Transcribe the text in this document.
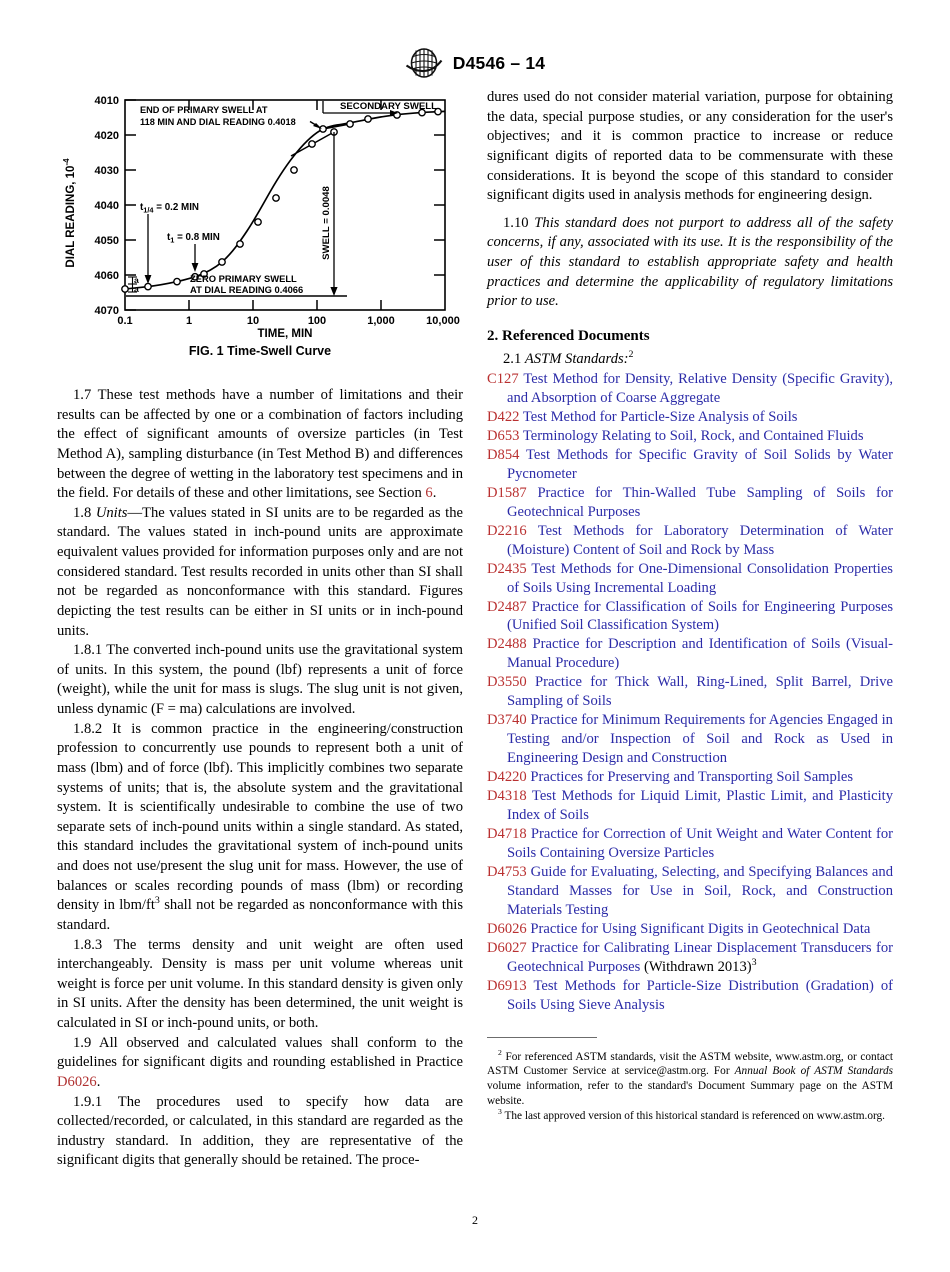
D4546 – 14
4010
4020
4030
4040
4050
4060
4070
DIAL READING, $10^{-4}$
0.1	1	10	100	1,000	10,000
END OF PRIMARY SWELL AT
118 MIN AND DIAL READING 0.4018
SECONDARY SWELL
SWELL = 0.0048
$t_{1/4} = 0.2$ MIN
$t_1 = 0.8$ MIN
a
a
ZERO PRIMARY SWELL
AT DIAL READING 0.4066
TIME, MIN
FIG. 1 Time-Swell Curve

1.7 These test methods have a number of limitations and their results can be affected by one or a combination of factors including the effect of significant amounts of oversize particles (in Test Method A), sampling disturbance (in Test Method B) and differences between the degree of wetting in the laboratory test specimens and in the field. For details of these and other limitations, see Section 6.

1.8 Units—The values stated in SI units are to be regarded as the standard. The values stated in inch-pound units are approximate equivalent values provided for information purposes only and are not considered standard. Test results recorded in units other than SI shall not be regarded as nonconformance with this standard. Figures depicting the test results can be either in SI units or in inch-pound units.

1.8.1 The converted inch-pound units use the gravitational system of units. In this system, the pound (lbf) represents a unit of force (weight), while the unit for mass is slugs. The slug unit is not given, unless dynamic (F = ma) calculations are involved.

1.8.2 It is common practice in the engineering/construction profession to concurrently use pounds to represent both a unit of mass (lbm) and of force (lbf). This implicitly combines two separate systems of units; that is, the absolute system and the gravitational system. It is scientifically undesirable to combine the use of two separate sets of inch-pound units within a single standard. As stated, this standard includes the gravitational system of inch-pound units and does not use/present the slug unit for mass. However, the use of balances or scales recording pounds of mass (lbm) or recording density in lbm/$ft^3$ shall not be regarded as nonconformance with this standard.

1.8.3 The terms density and unit weight are often used interchangeably. Density is mass per unit volume whereas unit weight is force per unit volume. In this standard density is given only in SI units. After the density has been determined, the unit weight is calculated in SI or inch-pound units, or both.

1.9 All observed and calculated values shall conform to the guidelines for significant digits and rounding established in Practice D6026.

1.9.1 The procedures used to specify how data are collected/recorded, or calculated, in this standard are regarded as the industry standard. In addition, they are representative of the significant digits that generally should be retained. The proce-

dures used do not consider material variation, purpose for obtaining the data, special purpose studies, or any consideration for the user's objectives; and it is common practice to increase or reduce significant digits of reported data to be commensurate with these considerations. It is beyond the scope of this standard to consider significant digits used in analysis methods for engineering design.

1.10 This standard does not purport to address all of the safety concerns, if any, associated with its use. It is the responsibility of the user of this standard to establish appropriate safety and health practices and determine the applicability of regulatory limitations prior to use.

2. Referenced Documents
2.1 ASTM Standards:$^2$

C127 Test Method for Density, Relative Density (Specific Gravity), and Absorption of Coarse Aggregate

D422 Test Method for Particle-Size Analysis of Soils

D653 Terminology Relating to Soil, Rock, and Contained Fluids

D854 Test Methods for Specific Gravity of Soil Solids by Water Pycnometer

D1587 Practice for Thin-Walled Tube Sampling of Soils for Geotechnical Purposes

D2216 Test Methods for Laboratory Determination of Water (Moisture) Content of Soil and Rock by Mass

D2435 Test Methods for One-Dimensional Consolidation Properties of Soils Using Incremental Loading

D2487 Practice for Classification of Soils for Engineering Purposes (Unified Soil Classification System)

D2488 Practice for Description and Identification of Soils (Visual-Manual Procedure)

D3550 Practice for Thick Wall, Ring-Lined, Split Barrel, Drive Sampling of Soils

D3740 Practice for Minimum Requirements for Agencies Engaged in Testing and/or Inspection of Soil and Rock as Used in Engineering Design and Construction

D4220 Practices for Preserving and Transporting Soil Samples

D4318 Test Methods for Liquid Limit, Plastic Limit, and Plasticity Index of Soils

D4718 Practice for Correction of Unit Weight and Water Content for Soils Containing Oversize Particles

D4753 Guide for Evaluating, Selecting, and Specifying Balances and Standard Masses for Use in Soil, Rock, and Construction Materials Testing

D6026 Practice for Using Significant Digits in Geotechnical Data

D6027 Practice for Calibrating Linear Displacement Transducers for Geotechnical Purposes (Withdrawn 2013)$^3$

D6913 Test Methods for Particle-Size Distribution (Gradation) of Soils Using Sieve Analysis

$^2$ For referenced ASTM standards, visit the ASTM website, www.astm.org, or contact ASTM Customer Service at service@astm.org. For Annual Book of ASTM Standards volume information, refer to the standard's Document Summary page on the ASTM website.

$^3$ The last approved version of this historical standard is referenced on www.astm.org.

2
